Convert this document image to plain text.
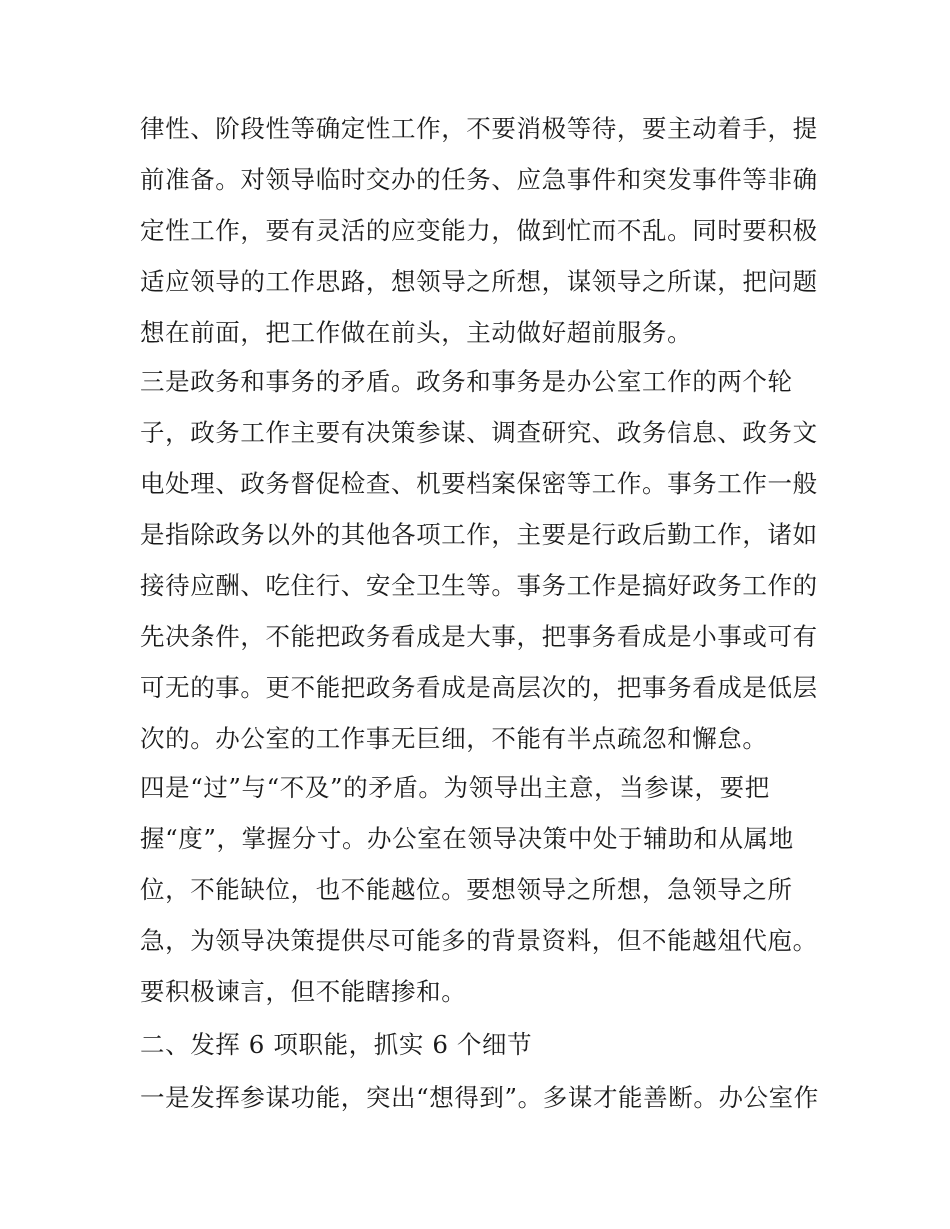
律性、阶段性等确定性工作，不要消极等待，要主动着手，提
前准备。对领导临时交办的任务、应急事件和突发事件等非确
定性工作，要有灵活的应变能力，做到忙而不乱。同时要积极
适应领导的工作思路，想领导之所想，谋领导之所谋，把问题
想在前面，把工作做在前头，主动做好超前服务。
三是政务和事务的矛盾。政务和事务是办公室工作的两个轮
子，政务工作主要有决策参谋、调查研究、政务信息、政务文
电处理、政务督促检查、机要档案保密等工作。事务工作一般
是指除政务以外的其他各项工作，主要是行政后勤工作，诸如
接待应酬、吃住行、安全卫生等。事务工作是搞好政务工作的
先决条件，不能把政务看成是大事，把事务看成是小事或可有
可无的事。更不能把政务看成是高层次的，把事务看成是低层
次的。办公室的工作事无巨细，不能有半点疏忽和懈怠。
四是“过”与“不及”的矛盾。为领导出主意，当参谋，要把
握“度”，掌握分寸。办公室在领导决策中处于辅助和从属地
位，不能缺位，也不能越位。要想领导之所想，急领导之所
急，为领导决策提供尽可能多的背景资料，但不能越俎代庖。
要积极谏言，但不能瞎掺和。
二、发挥 6 项职能，抓实 6 个细节
一是发挥参谋功能，突出“想得到”。多谋才能善断。办公室作
